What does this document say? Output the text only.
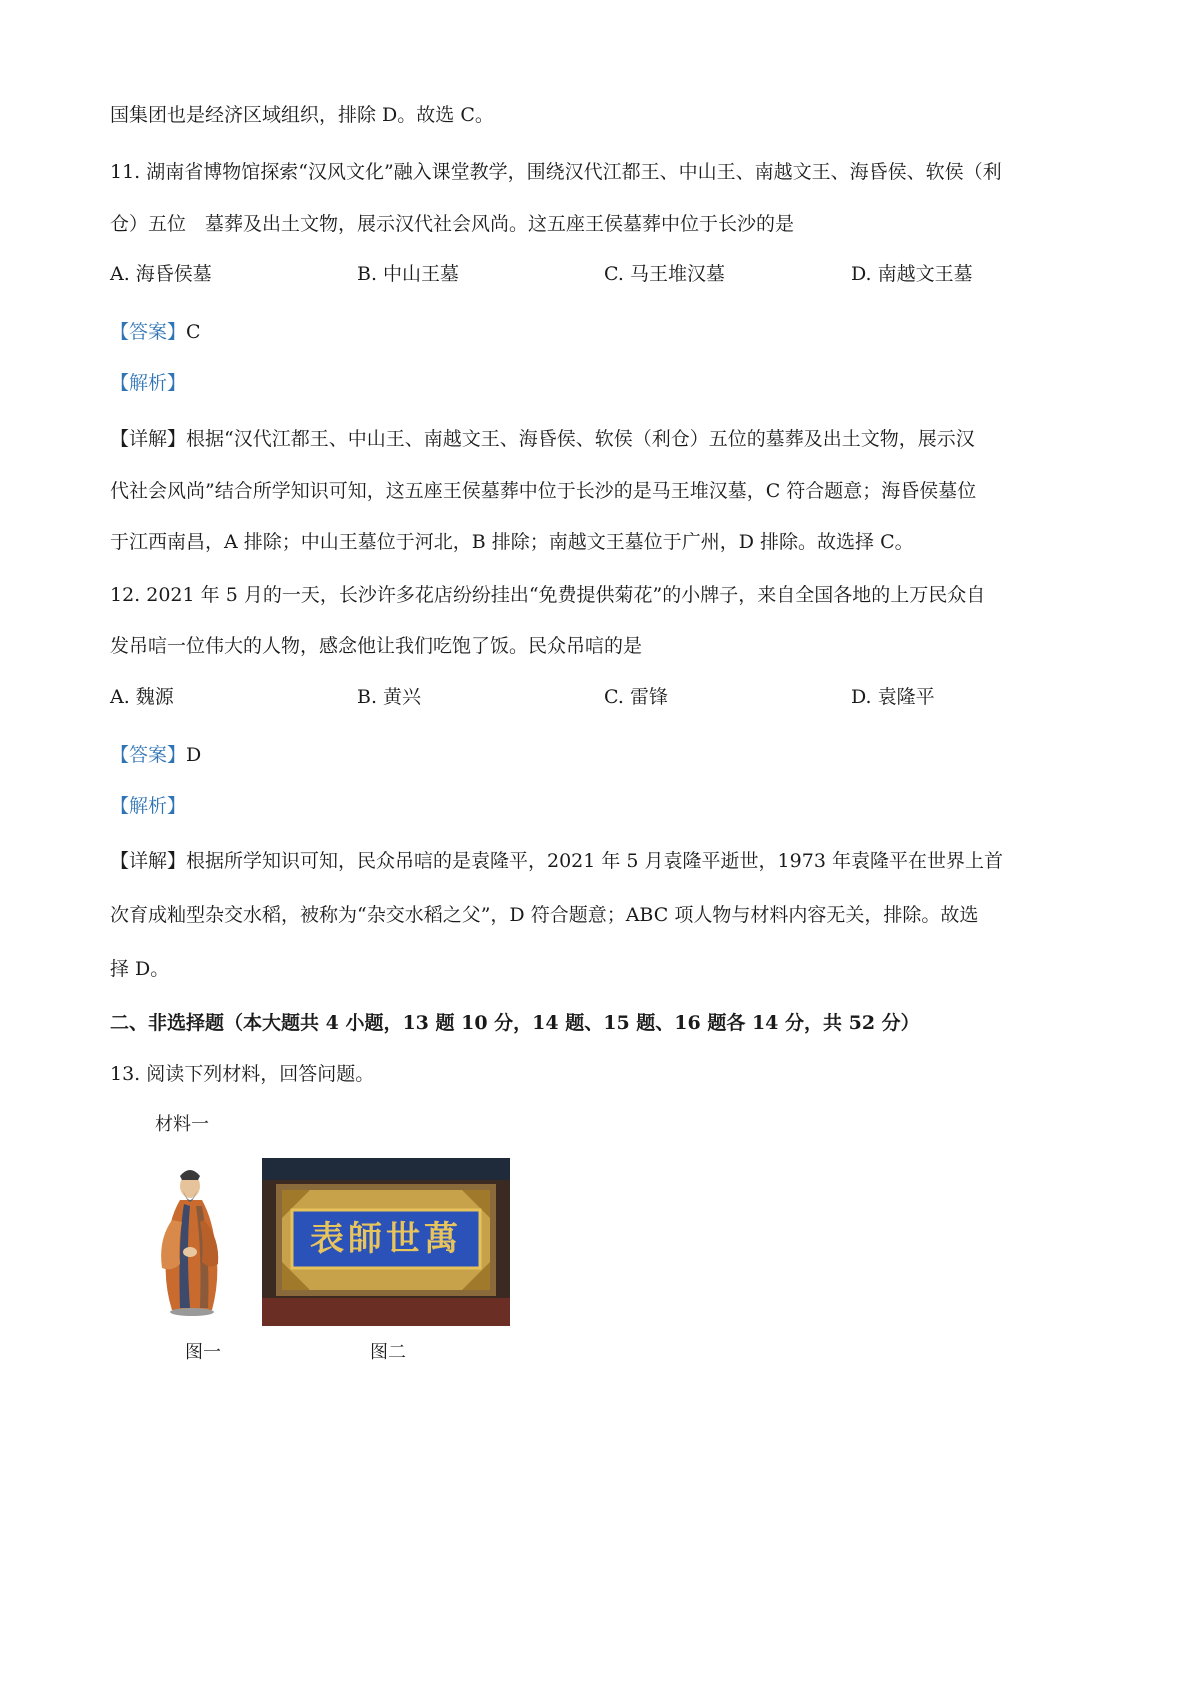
国集团也是经济区域组织，排除 D。故选 C。
11. 湖南省博物馆探索“汉风文化”融入课堂教学，围绕汉代江都王、中山王、南越文王、海昏侯、软侯（利
仓）五位　墓葬及出土文物，展示汉代社会风尚。这五座王侯墓葬中位于长沙的是
A. 海昏侯墓	B. 中山王墓	C. 马王堆汉墓	D. 南越文王墓
【答案】C
【解析】
【详解】根据“汉代江都王、中山王、南越文王、海昏侯、软侯（利仓）五位的墓葬及出土文物，展示汉
代社会风尚”结合所学知识可知，这五座王侯墓葬中位于长沙的是马王堆汉墓，C 符合题意；海昏侯墓位
于江西南昌，A 排除；中山王墓位于河北，B 排除；南越文王墓位于广州，D 排除。故选择 C。
12. 2021 年 5 月的一天，长沙许多花店纷纷挂出“免费提供菊花”的小牌子，来自全国各地的上万民众自
发吊唁一位伟大的人物，感念他让我们吃饱了饭。民众吊唁的是
A. 魏源	B. 黄兴	C. 雷锋	D. 袁隆平
【答案】D
【解析】
【详解】根据所学知识可知，民众吊唁的是袁隆平，2021 年 5 月袁隆平逝世，1973 年袁隆平在世界上首
次育成籼型杂交水稻，被称为“杂交水稻之父”，D 符合题意；ABC 项人物与材料内容无关，排除。故选
择 D。
二、非选择题（本大题共 4 小题，13 题 10 分，14 题、15 题、16 题各 14 分，共 52 分）
13. 阅读下列材料，回答问题。
材料一
萬世師表
图一	图二
